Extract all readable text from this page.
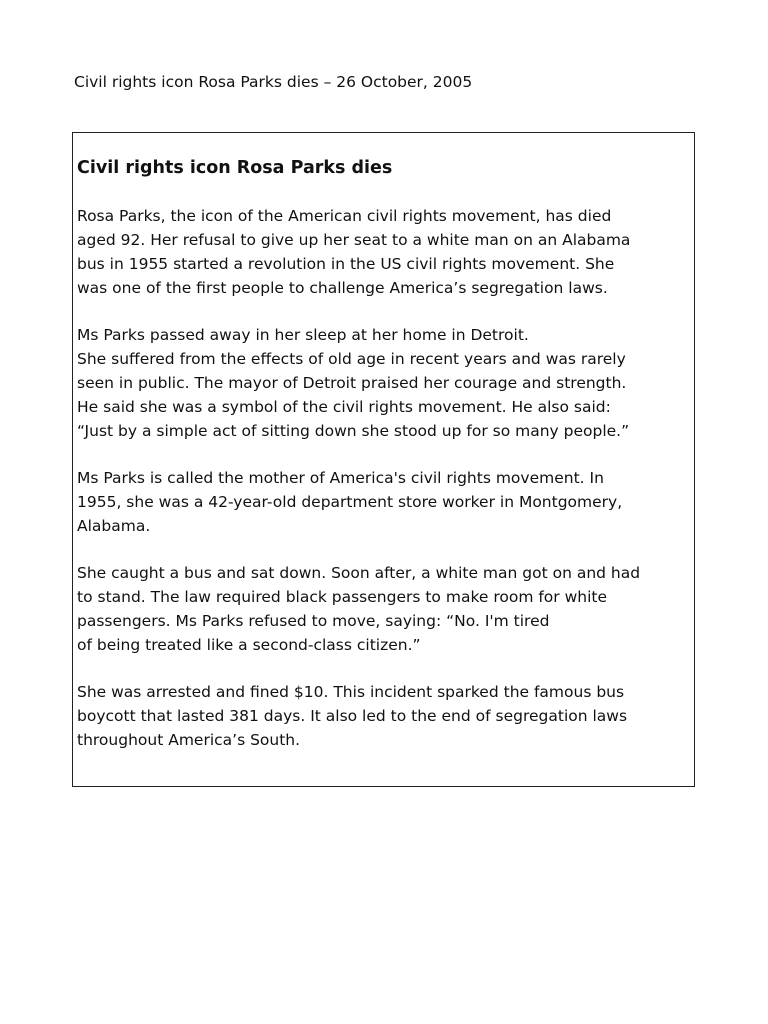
Civil rights icon Rosa Parks dies – 26 October, 2005
Civil rights icon Rosa Parks dies

Rosa Parks, the icon of the American civil rights movement, has died
aged 92. Her refusal to give up her seat to a white man on an Alabama
bus in 1955 started a revolution in the US civil rights movement. She
was one of the first people to challenge America’s segregation laws.

Ms Parks passed away in her sleep at her home in Detroit.
She suffered from the effects of old age in recent years and was rarely
seen in public. The mayor of Detroit praised her courage and strength.
He said she was a symbol of the civil rights movement. He also said:
“Just by a simple act of sitting down she stood up for so many people.”

Ms Parks is called the mother of America's civil rights movement. In
1955, she was a 42-year-old department store worker in Montgomery,
Alabama.

She caught a bus and sat down. Soon after, a white man got on and had
to stand. The law required black passengers to make room for white
passengers. Ms Parks refused to move, saying: “No. I'm tired
of being treated like a second-class citizen.”

She was arrested and fined $10. This incident sparked the famous bus
boycott that lasted 381 days. It also led to the end of segregation laws
throughout America’s South.
